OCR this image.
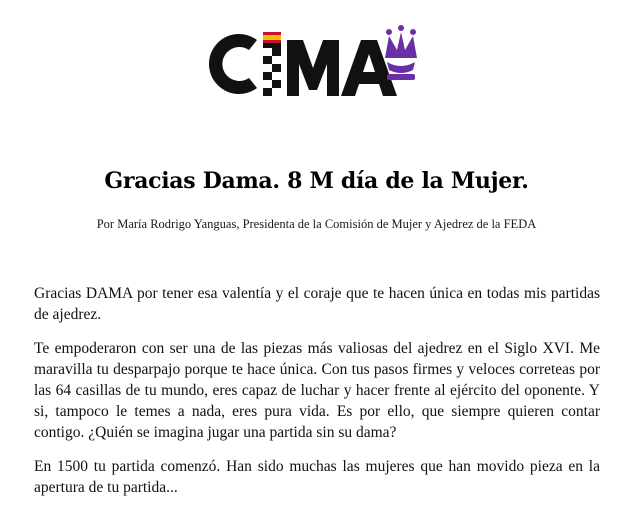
Gracias Dama. 8 M día de la Mujer.
Por María Rodrigo Yanguas, Presidenta de la Comisión de Mujer y Ajedrez de la FEDA

Gracias DAMA por tener esa valentía y el coraje que te hacen única en todas mis partidas de ajedrez.

Te empoderaron con ser una de las piezas más valiosas del ajedrez en el Siglo XVI. Me maravilla tu desparpajo porque te hace única. Con tus pasos firmes y veloces correteas por las 64 casillas de tu mundo, eres capaz de luchar y hacer frente al ejército del oponente. Y si, tampoco le temes a nada, eres pura vida. Es por ello, que siempre quieren contar contigo. ¿Quién se imagina jugar una partida sin su dama?

En 1500 tu partida comenzó. Han sido muchas las mujeres que han movido pieza en la apertura de tu partida...
